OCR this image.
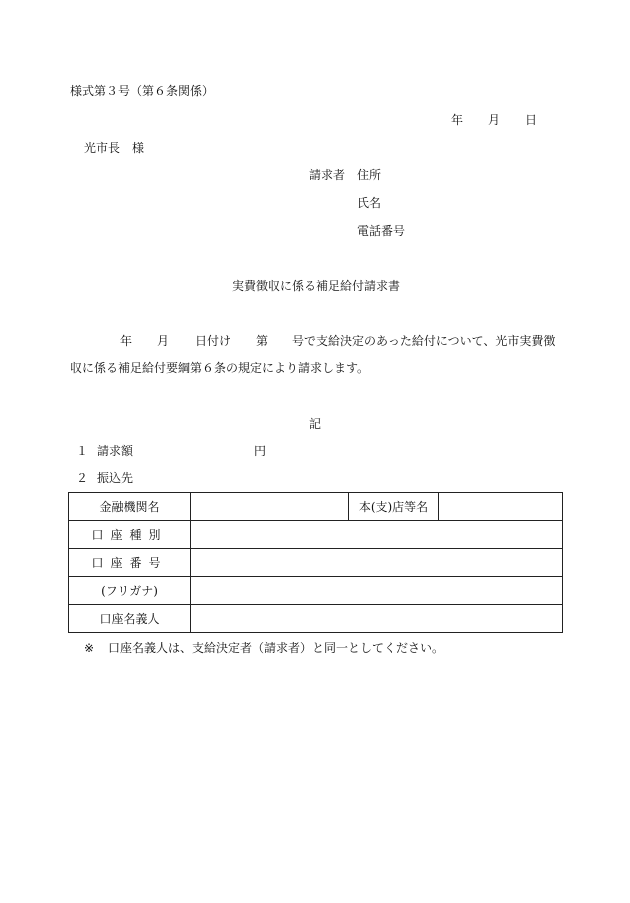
様式第３号（第６条関係）
年 月 日
光市長　様
請求者 住所
氏名
電話番号
実費徴収に係る補足給付請求書
年 月 日付け 第 号で支給決定のあった給付について、光市実費徴
収に係る補足給付要綱第６条の規定により請求します。
記
１ 請求額	円
２ 振込先
金融機関名		本(支)店等名	
口座種別			
口座番号			
(フリガナ)			
口座名義人			
※ 口座名義人は、支給決定者（請求者）と同一としてください。
